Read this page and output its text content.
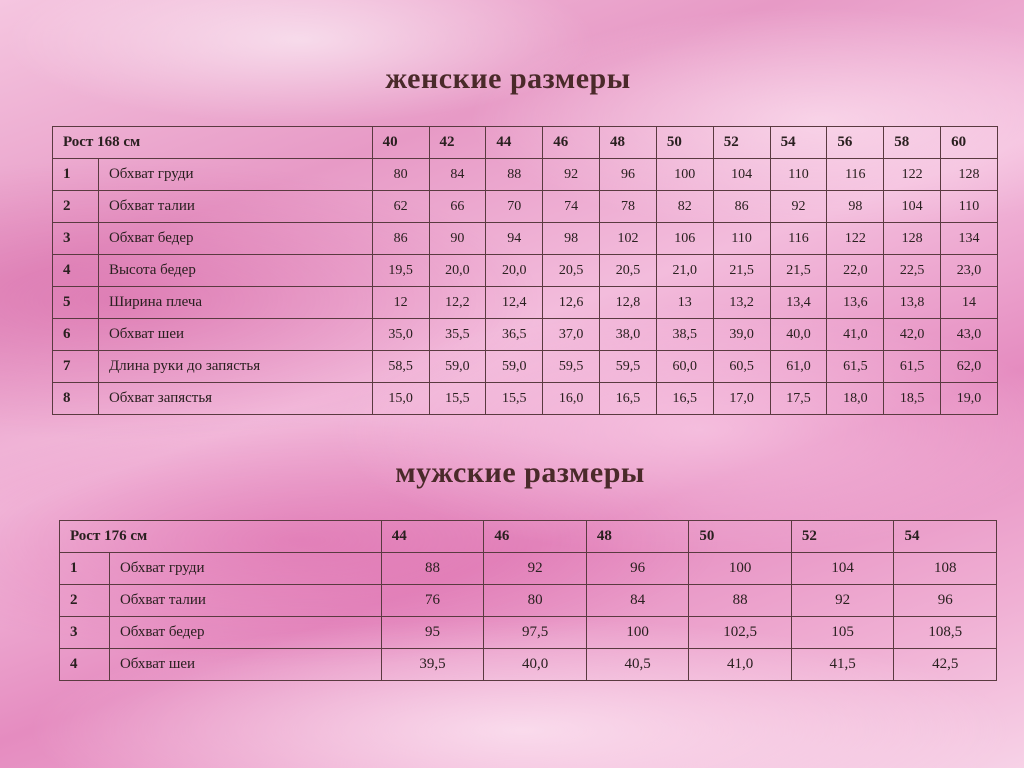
женские размеры
Рост 168 см		40	42	44	46	48	50	52	54	56	58	60
1	Обхват груди	80	84	88	92	96	100	104	110	116	122	128
2	Обхват талии	62	66	70	74	78	82	86	92	98	104	110
3	Обхват бедер	86	90	94	98	102	106	110	116	122	128	134
4	Высота бедер	19,5	20,0	20,0	20,5	20,5	21,0	21,5	21,5	22,0	22,5	23,0
5	Ширина плеча	12	12,2	12,4	12,6	12,8	13	13,2	13,4	13,6	13,8	14
6	Обхват шеи	35,0	35,5	36,5	37,0	38,0	38,5	39,0	40,0	41,0	42,0	43,0
7	Длина руки до запястья	58,5	59,0	59,0	59,5	59,5	60,0	60,5	61,0	61,5	61,5	62,0
8	Обхват запястья	15,0	15,5	15,5	16,0	16,5	16,5	17,0	17,5	18,0	18,5	19,0
мужские размеры
Рост 176 см		44	46	48	50	52	54
1	Обхват груди	88	92	96	100	104	108
2	Обхват талии	76	80	84	88	92	96
3	Обхват бедер	95	97,5	100	102,5	105	108,5
4	Обхват шеи	39,5	40,0	40,5	41,0	41,5	42,5
